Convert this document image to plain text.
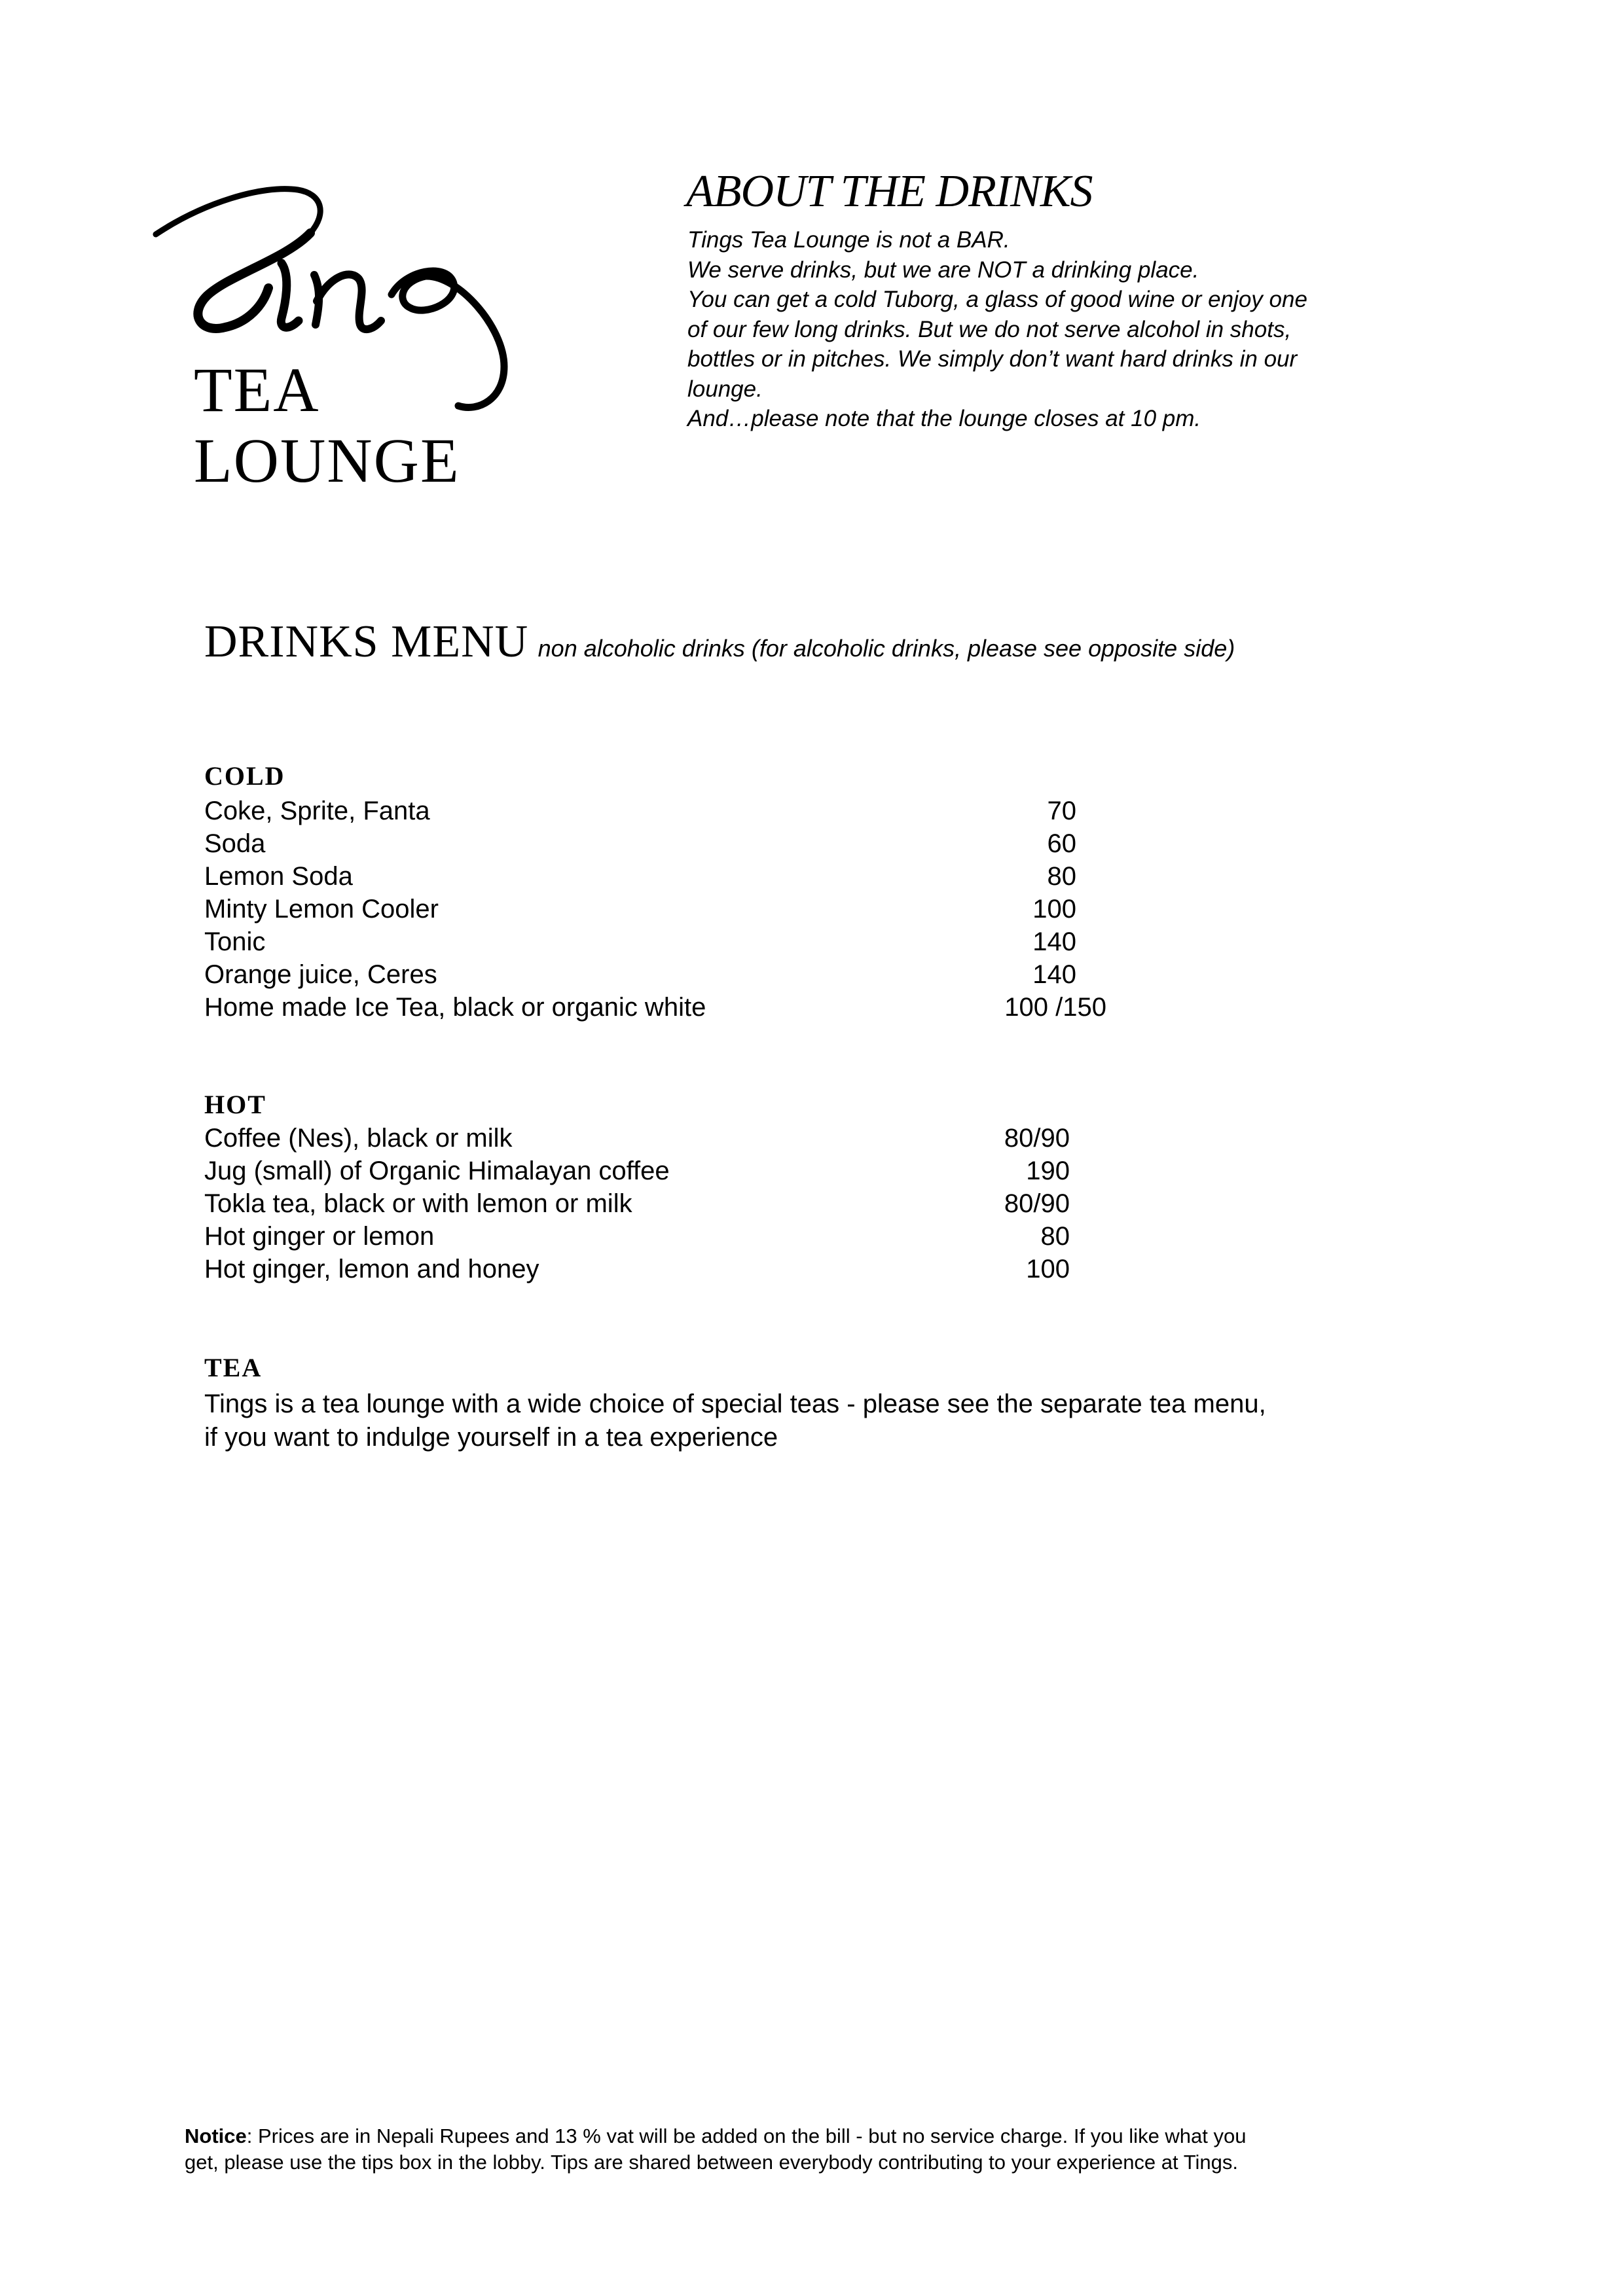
TEA
LOUNGE
ABOUT THE DRINKS
Tings Tea Lounge is not a BAR.
We serve drinks, but we are NOT a drinking place.
You can get a cold Tuborg, a glass of good wine or enjoy one
of our few long drinks. But we do not serve alcohol in shots,
bottles or in pitches. We simply don’t want hard drinks in our
lounge.
And…please note that the lounge closes at 10 pm.
DRINKS MENU non alcoholic drinks (for alcoholic drinks, please see opposite side)
COLD
Coke, Sprite, Fanta	70
Soda	60
Lemon Soda	80
Minty Lemon Cooler	100
Tonic	140
Orange juice, Ceres	140
Home made Ice Tea, black or organic white	100 /150
HOT
Coffee (Nes), black or milk	80/90
Jug (small) of Organic Himalayan coffee	190
Tokla tea, black or with lemon or milk	80/90
Hot ginger or lemon	80
Hot ginger, lemon and honey	100
TEA
Tings is a tea lounge with a wide choice of special teas - please see the separate tea menu,
if you want to indulge yourself in a tea experience
Notice: Prices are in Nepali Rupees and 13 % vat will be added on the bill - but no service charge. If you like what you
get, please use the tips box in the lobby. Tips are shared between everybody contributing to your experience at Tings.
